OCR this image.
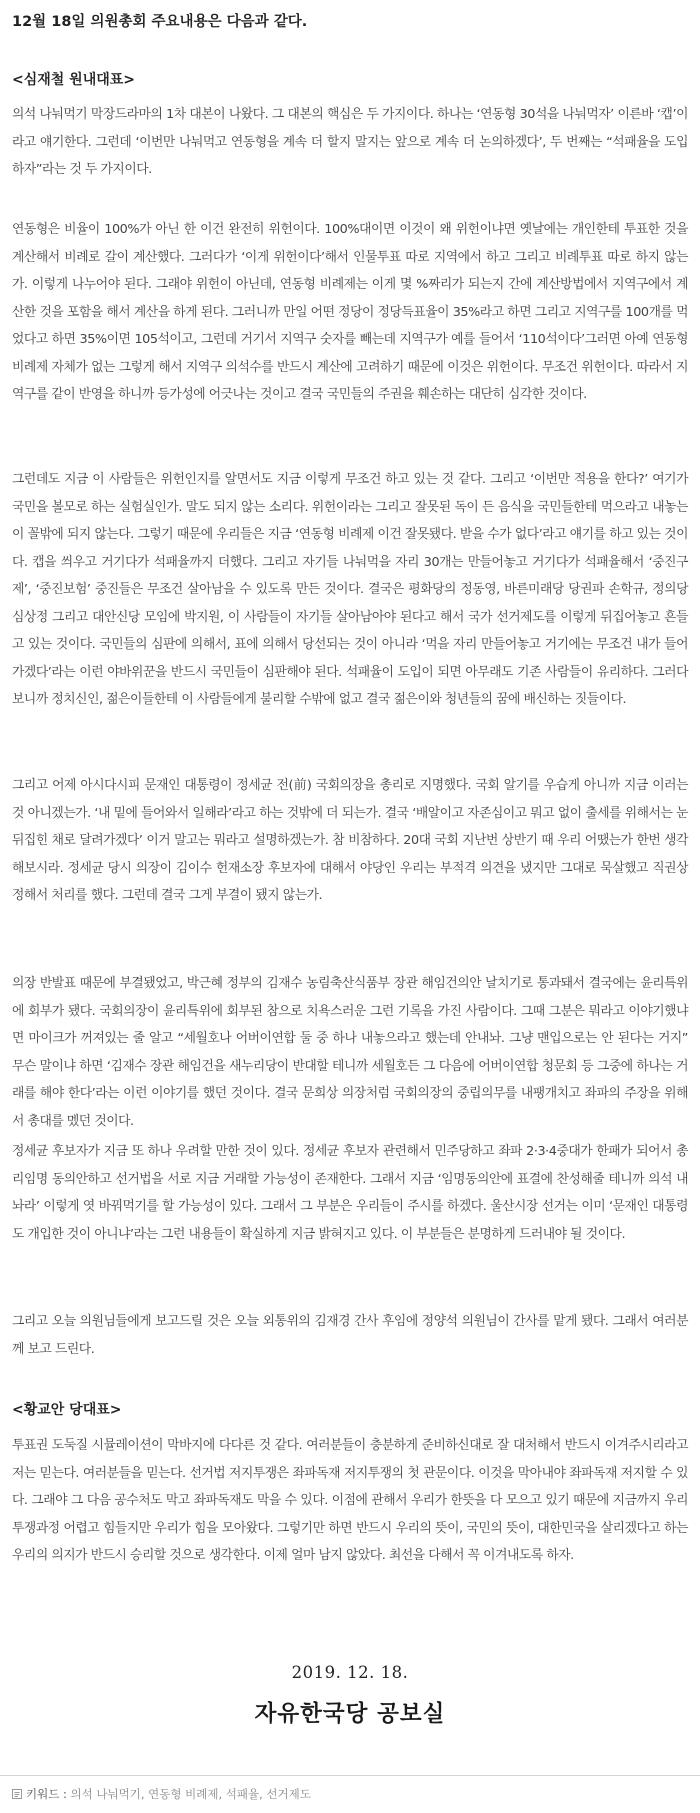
12월 18일 의원총회 주요내용은 다음과 같다.
<심재철 원내대표>
의석 나눠먹기 막장드라마의 1차 대본이 나왔다. 그 대본의 핵심은 두 가지이다. 하나는 ‘연동형 30석을 나눠먹자’ 이른바 ‘캡’이라고 얘기한다. 그런데 ‘이번만 나눠먹고 연동형을 계속 더 할지 말지는 앞으로 계속 더 논의하겠다’, 두 번째는 “석패율을 도입하자”라는 것 두 가지이다.
연동형은 비율이 100%가 아닌 한 이건 완전히 위헌이다. 100%대이면 이것이 왜 위헌이냐면 옛날에는 개인한테 투표한 것을 계산해서 비례로 갈이 계산했다. 그러다가 ‘이게 위헌이다’해서 인물투표 따로 지역에서 하고 그리고 비례투표 따로 하지 않는가. 이렇게 나누어야 된다. 그래야 위헌이 아닌데, 연동형 비례제는 이게 몇 %짜리가 되는지 간에 계산방법에서 지역구에서 계산한 것을 포함을 해서 계산을 하게 된다. 그러니까 만일 어떤 정당이 정당득표율이 35%라고 하면 그리고 지역구를 100개를 먹었다고 하면 35%이면 105석이고, 그런데 거기서 지역구 숫자를 빼는데 지역구가 예를 들어서 ‘110석이다’그러면 아예 연동형 비례제 자체가 없는 그렇게 해서 지역구 의석수를 반드시 계산에 고려하기 때문에 이것은 위헌이다. 무조건 위헌이다. 따라서 지역구를 같이 반영을 하니까 등가성에 어긋나는 것이고 결국 국민들의 주권을 훼손하는 대단히 심각한 것이다.
그런데도 지금 이 사람들은 위헌인지를 알면서도 지금 이렇게 무조건 하고 있는 것 같다. 그리고 ‘이번만 적용을 한다?’ 여기가 국민을 볼모로 하는 실험실인가. 말도 되지 않는 소리다. 위헌이라는 그리고 잘못된 독이 든 음식을 국민들한테 먹으라고 내놓는 이 꼴밖에 되지 않는다. 그렇기 때문에 우리들은 지금 ‘연동형 비례제 이건 잘못됐다. 받을 수가 없다’라고 얘기를 하고 있는 것이다. 캡을 씌우고 거기다가 석패율까지 더했다. 그리고 자기들 나눠먹을 자리 30개는 만들어놓고 거기다가 석패율해서 ‘중진구제’, ‘중진보험’ 중진들은 무조건 살아남을 수 있도록 만든 것이다. 결국은 평화당의 정동영, 바른미래당 당권파 손학규, 정의당 심상정 그리고 대안신당 모임에 박지원, 이 사람들이 자기들 살아남아야 된다고 해서 국가 선거제도를 이렇게 뒤집어놓고 흔들고 있는 것이다. 국민들의 심판에 의해서, 표에 의해서 당선되는 것이 아니라 ‘먹을 자리 만들어놓고 거기에는 무조건 내가 들어가겠다’라는 이런 야바위꾼을 반드시 국민들이 심판해야 된다. 석패율이 도입이 되면 아무래도 기존 사람들이 유리하다. 그러다보니까 정치신인, 젊은이들한테 이 사람들에게 불리할 수밖에 없고 결국 젊은이와 청년들의 꿈에 배신하는 짓들이다.
그리고 어제 아시다시피 문재인 대통령이 정세균 전(前) 국회의장을 총리로 지명했다. 국회 알기를 우습게 아니까 지금 이러는 것 아니겠는가. ‘내 밑에 들어와서 일해라’라고 하는 것밖에 더 되는가. 결국 ‘배알이고 자존심이고 뭐고 없이 출세를 위해서는 눈 뒤집힌 채로 달려가겠다’ 이거 말고는 뭐라고 설명하겠는가. 참 비참하다. 20대 국회 지난번 상반기 때 우리 어땠는가 한번 생각해보시라. 정세균 당시 의장이 김이수 헌재소장 후보자에 대해서 야당인 우리는 부적격 의견을 냈지만 그대로 묵살했고 직권상정해서 처리를 했다. 그런데 결국 그게 부결이 됐지 않는가.
의장 반발표 때문에 부결됐었고, 박근혜 정부의 김재수 농림축산식품부 장관 해임건의안 날치기로 통과돼서 결국에는 윤리특위에 회부가 됐다. 국회의장이 윤리특위에 회부된 참으로 치욕스러운 그런 기록을 가진 사람이다. 그때 그분은 뭐라고 이야기했냐면 마이크가 꺼져있는 줄 알고 “세월호나 어버이연합 둘 중 하나 내놓으라고 했는데 안내놔. 그냥 맨입으로는 안 된다는 거지” 무슨 말이냐 하면 ‘김재수 장관 해임건을 새누리당이 반대할 테니까 세월호든 그 다음에 어버이연합 청문회 등 그중에 하나는 거래를 해야 한다’라는 이런 이야기를 했던 것이다. 결국 문희상 의장처럼 국회의장의 중립의무를 내팽개치고 좌파의 주장을 위해서 총대를 멨던 것이다.
정세균 후보자가 지금 또 하나 우려할 만한 것이 있다. 정세균 후보자 관련해서 민주당하고 좌파 2·3·4중대가 한패가 되어서 총리임명 동의안하고 선거법을 서로 지금 거래할 가능성이 존재한다. 그래서 지금 ‘임명동의안에 표결에 찬성해줄 테니까 의석 내놔라’ 이렇게 엿 바꿔먹기를 할 가능성이 있다. 그래서 그 부분은 우리들이 주시를 하겠다. 울산시장 선거는 이미 ‘문재인 대통령도 개입한 것이 아니냐’라는 그런 내용들이 확실하게 지금 밝혀지고 있다. 이 부분들은 분명하게 드러내야 될 것이다.
그리고 오늘 의원님들에게 보고드릴 것은 오늘 외통위의 김재경 간사 후임에 정양석 의원님이 간사를 맡게 됐다. 그래서 여러분께 보고 드린다.
<황교안 당대표>
투표권 도둑질 시뮬레이션이 막바지에 다다른 것 같다. 여러분들이 충분하게 준비하신대로 잘 대처해서 반드시 이겨주시리라고 저는 믿는다. 여러분들을 믿는다. 선거법 저지투쟁은 좌파독재 저지투쟁의 첫 관문이다. 이것을 막아내야 좌파독재 저지할 수 있다. 그래야 그 다음 공수처도 막고 좌파독재도 막을 수 있다. 이점에 관해서 우리가 한뜻을 다 모으고 있기 때문에 지금까지 우리 투쟁과정 어렵고 힘들지만 우리가 힘을 모아왔다. 그렇기만 하면 반드시 우리의 뜻이, 국민의 뜻이, 대한민국을 살리겠다고 하는 우리의 의지가 반드시 승리할 것으로 생각한다. 이제 얼마 남지 않았다. 최선을 다해서 꼭 이겨내도록 하자.
2019. 12. 18.
자유한국당 공보실
키워드 : 의석 나눠먹기, 연동형 비례제, 석패율, 선거제도
